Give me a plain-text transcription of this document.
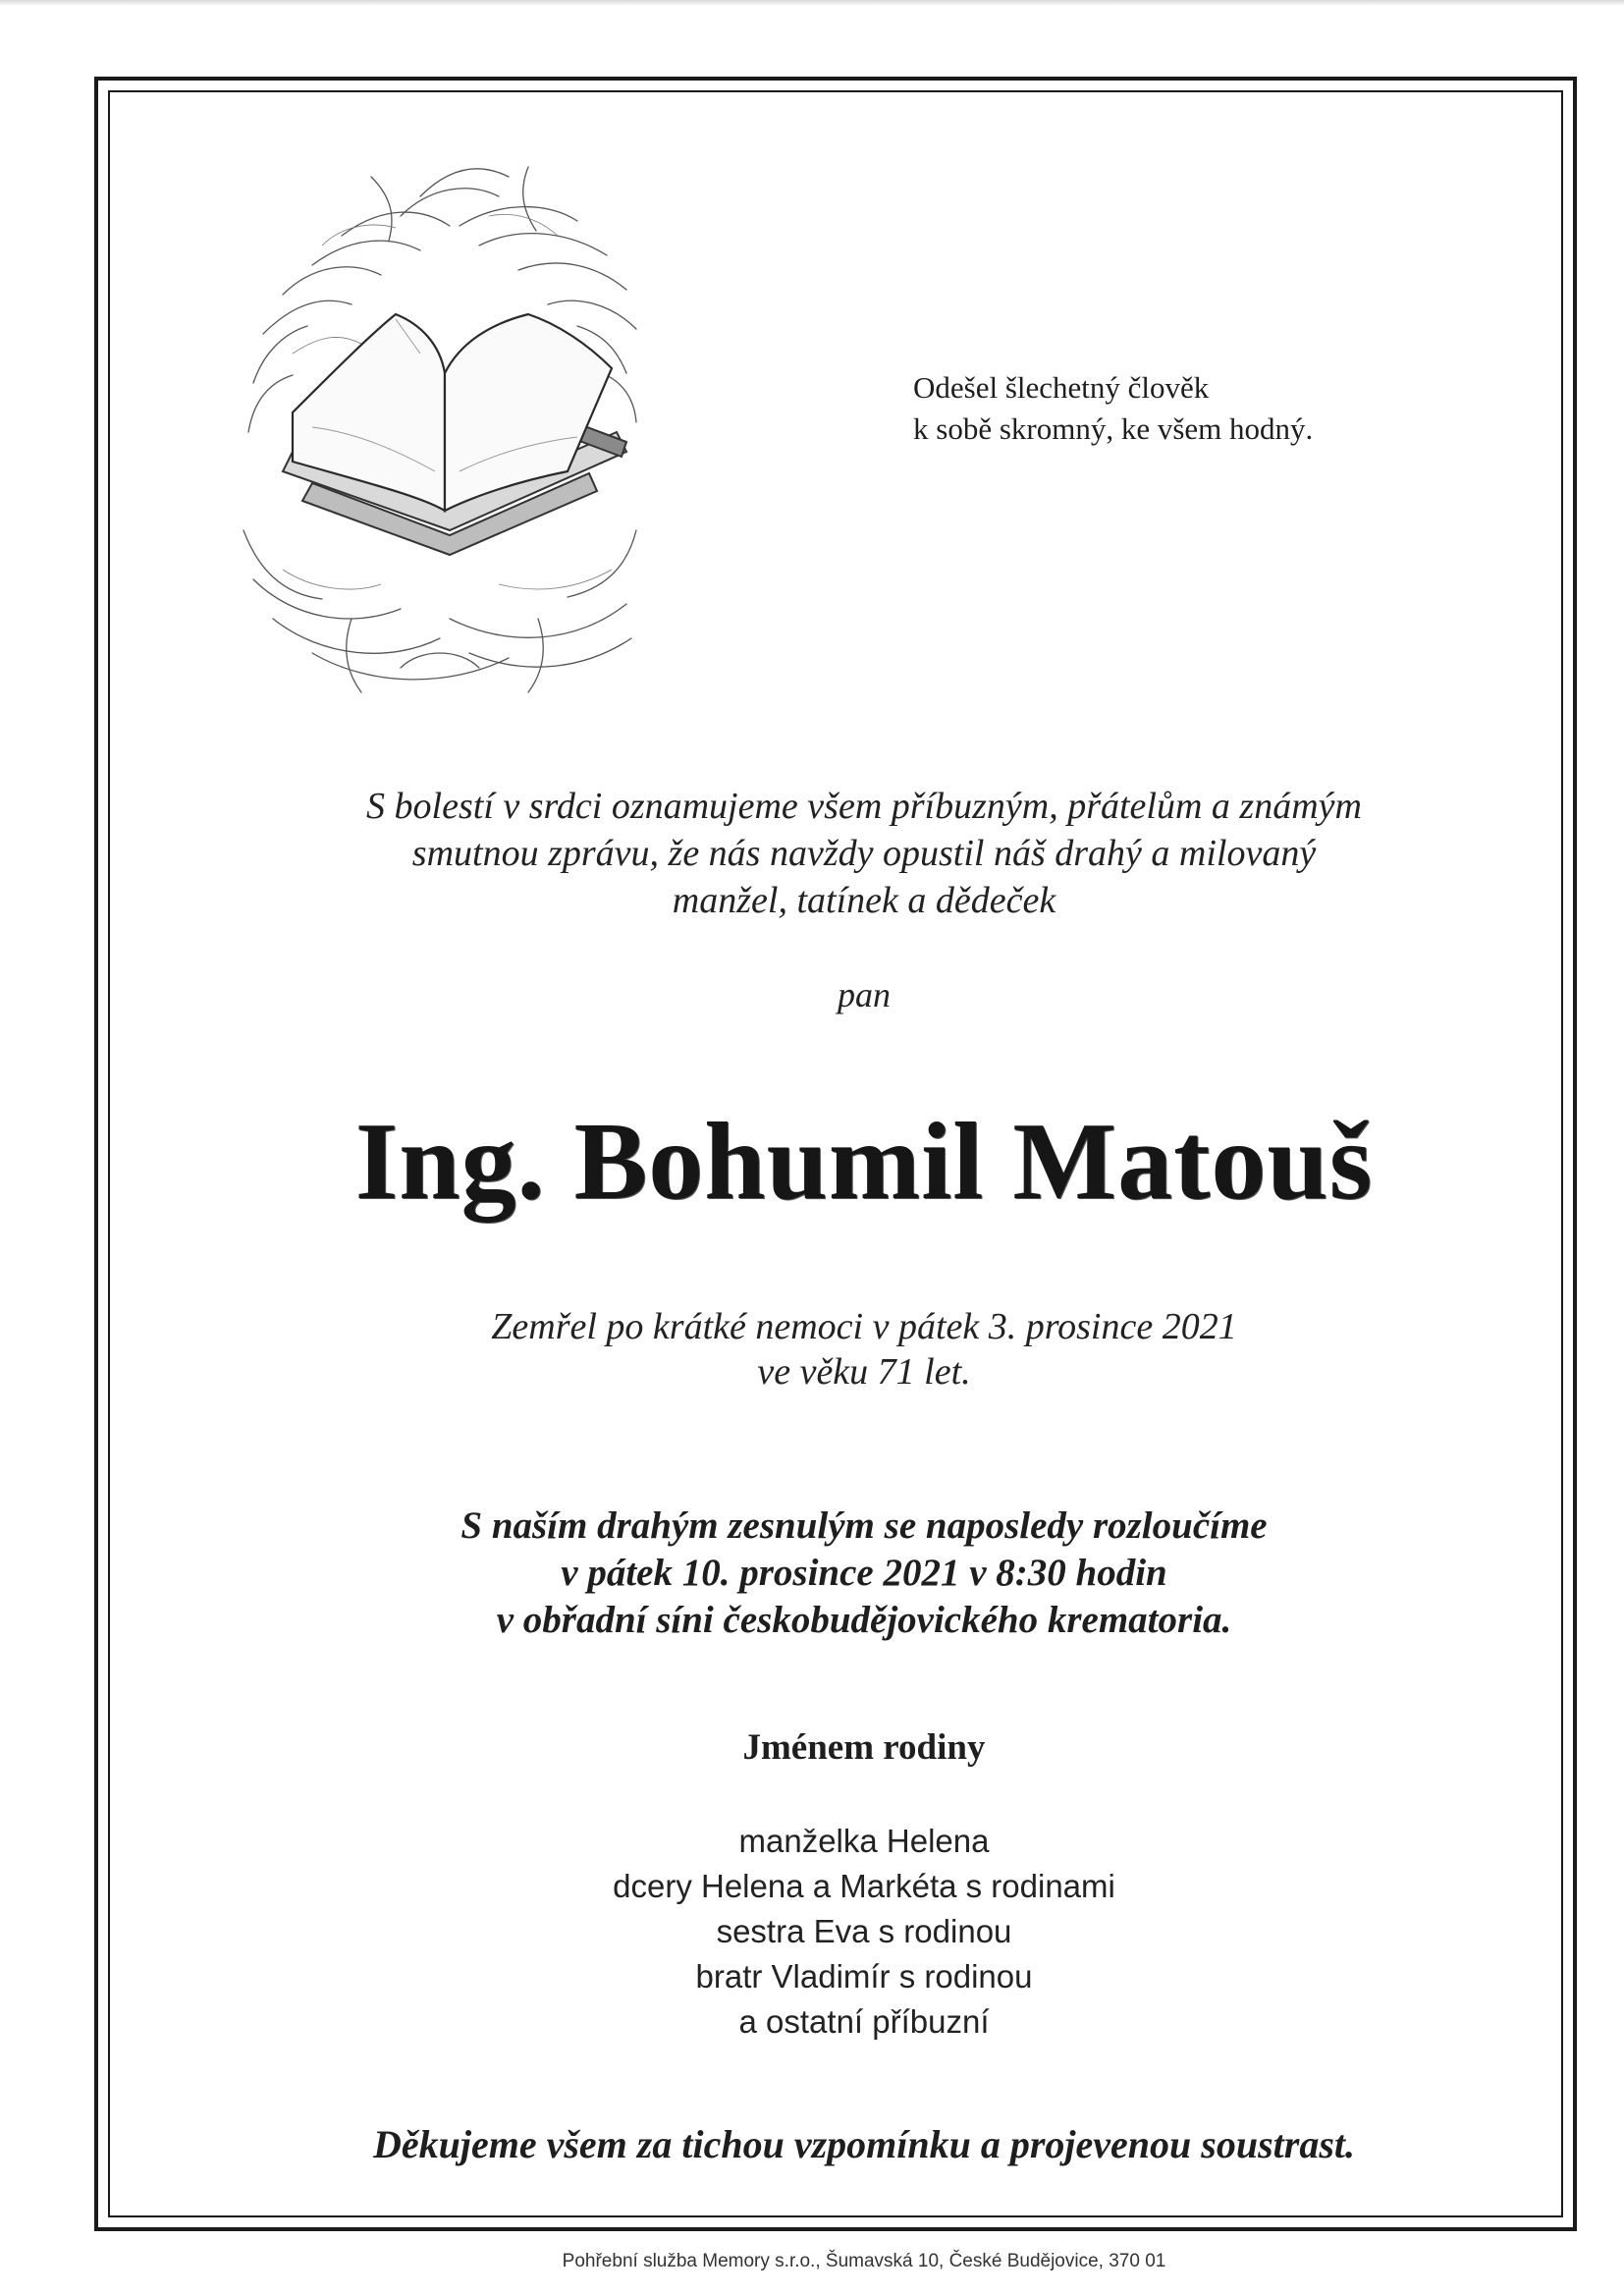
Odešel šlechetný člověk
k sobě skromný, ke všem hodný.
S bolestí v srdci oznamujeme všem příbuzným, přátelům a známým
smutnou zprávu, že nás navždy opustil náš drahý a milovaný
manžel, tatínek a dědeček
pan
Ing. Bohumil Matouš
Zemřel po krátké nemoci v pátek 3. prosince 2021
ve věku 71 let.
S naším drahým zesnulým se naposledy rozloučíme
v pátek 10. prosince 2021 v 8:30 hodin
v obřadní síni českobudějovického krematoria.
Jménem rodiny
manželka Helena
dcery Helena a Markéta s rodinami
sestra Eva s rodinou
bratr Vladimír s rodinou
a ostatní příbuzní
Děkujeme všem za tichou vzpomínku a projevenou soustrast.
Pohřební služba Memory s.r.o., Šumavská 10, České Budějovice, 370 01
